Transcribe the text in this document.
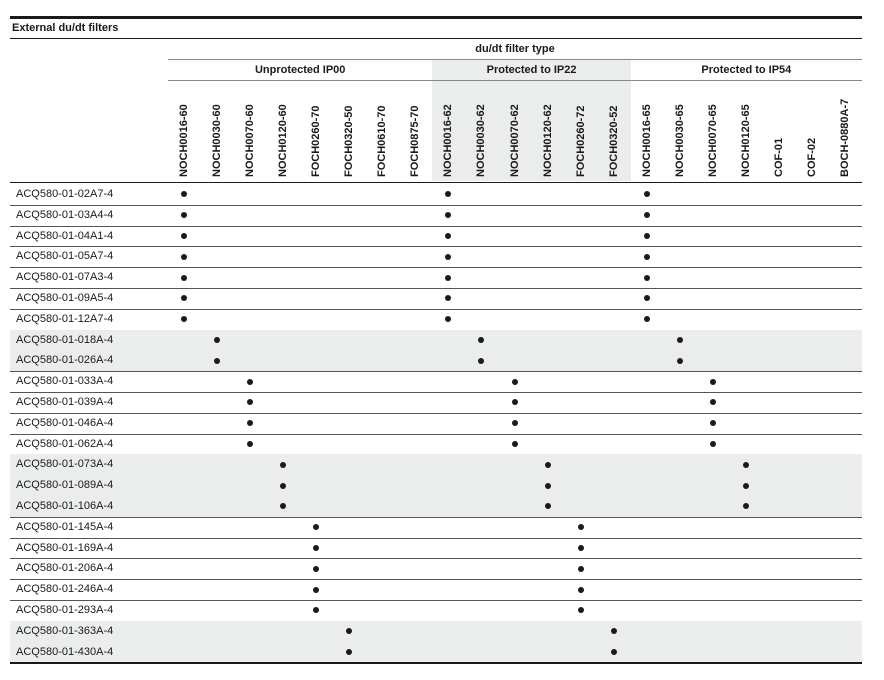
External du/dt filters
du/dt filter type
Unprotected IP00
NOCH0016-60 NOCH0030-60 NOCH0070-60 NOCH0120-60 FOCH0260-70 FOCH0320-50 FOCH0610-70 FOCH0875-70
Protected to IP22
NOCH0016-62 NOCH0030-62 NOCH0070-62 NOCH0120-62 FOCH0260-72 FOCH0320-52
Protected to IP54
NOCH0016-65 NOCH0030-65 NOCH0070-65 NOCH0120-65 COF-01 COF-02 BOCH-0880A-7
ACQ580-01-02A7-4
ACQ580-01-03A4-4
ACQ580-01-04A1-4
ACQ580-01-05A7-4
ACQ580-01-07A3-4
ACQ580-01-09A5-4
ACQ580-01-12A7-4
ACQ580-01-018A-4
ACQ580-01-026A-4
ACQ580-01-033A-4
ACQ580-01-039A-4
ACQ580-01-046A-4
ACQ580-01-062A-4
ACQ580-01-073A-4
ACQ580-01-089A-4
ACQ580-01-106A-4
ACQ580-01-145A-4
ACQ580-01-169A-4
ACQ580-01-206A-4
ACQ580-01-246A-4
ACQ580-01-293A-4
ACQ580-01-363A-4
ACQ580-01-430A-4
